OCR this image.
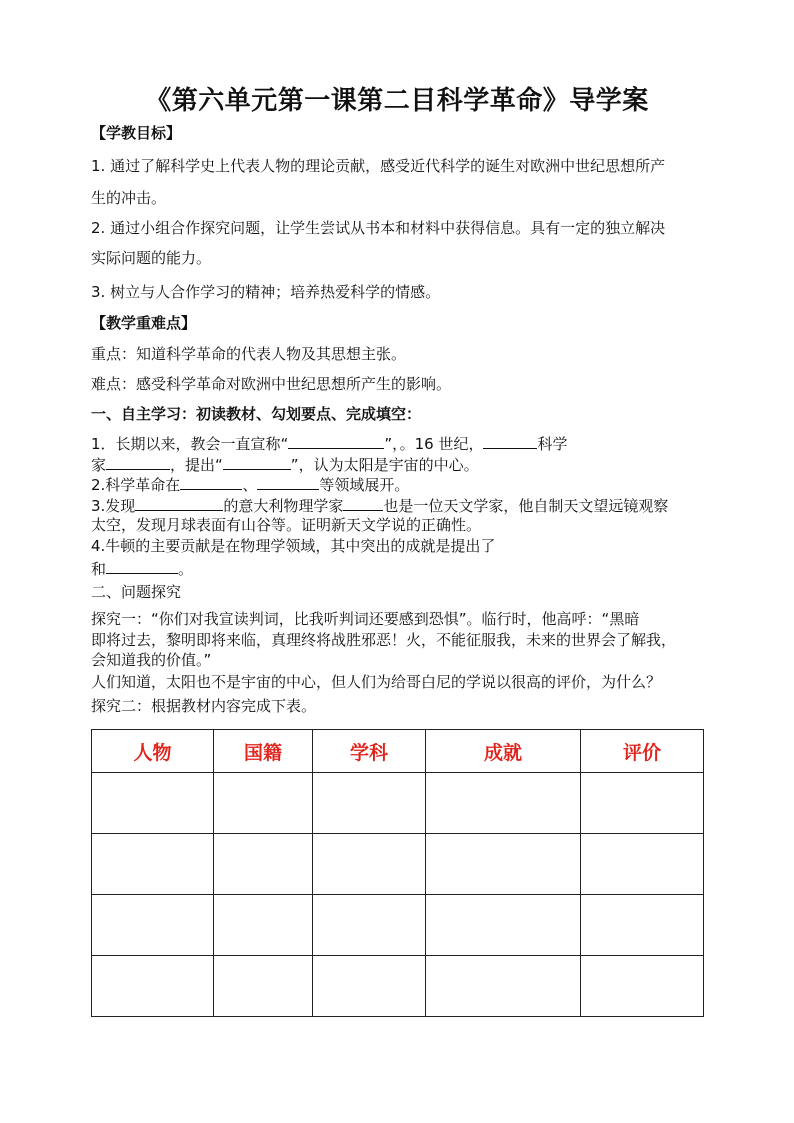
《第六单元第一课第二目科学革命》导学案
【学教目标】
1. 通过了解科学史上代表人物的理论贡献，感受近代科学的诞生对欧洲中世纪思想所产
生的冲击。
2. 通过小组合作探究问题，让学生尝试从书本和材料中获得信息。具有一定的独立解决
实际问题的能力。
3. 树立与人合作学习的精神；培养热爱科学的情感。
【教学重难点】
重点：知道科学革命的代表人物及其思想主张。
难点：感受科学革命对欧洲中世纪思想所产生的影响。
一、自主学习：初读教材、勾划要点、完成填空：
1．长期以来，教会一直宣称“	”，。16 世纪，	科学
家	，提出“	”，认为太阳是宇宙的中心。
2.科学革命在	、	等领域展开。
3.发现	的意大利物理学家	也是一位天文学家，他自制天文望远镜观察
太空，发现月球表面有山谷等。证明新天文学说的正确性。
4.牛顿的主要贡献是在物理学领域，其中突出的成就是提出了
和	。
二、问题探究
探究一：“你们对我宣读判词，比我听判词还要感到恐惧”。临行时，他高呼：“黑暗
即将过去，黎明即将来临，真理终将战胜邪恶！火，不能征服我，未来的世界会了解我，
会知道我的价值。”
人们知道，太阳也不是宇宙的中心，但人们为给哥白尼的学说以很高的评价，为什么？
探究二：根据教材内容完成下表。
人物	国籍	学科	成就	评价
